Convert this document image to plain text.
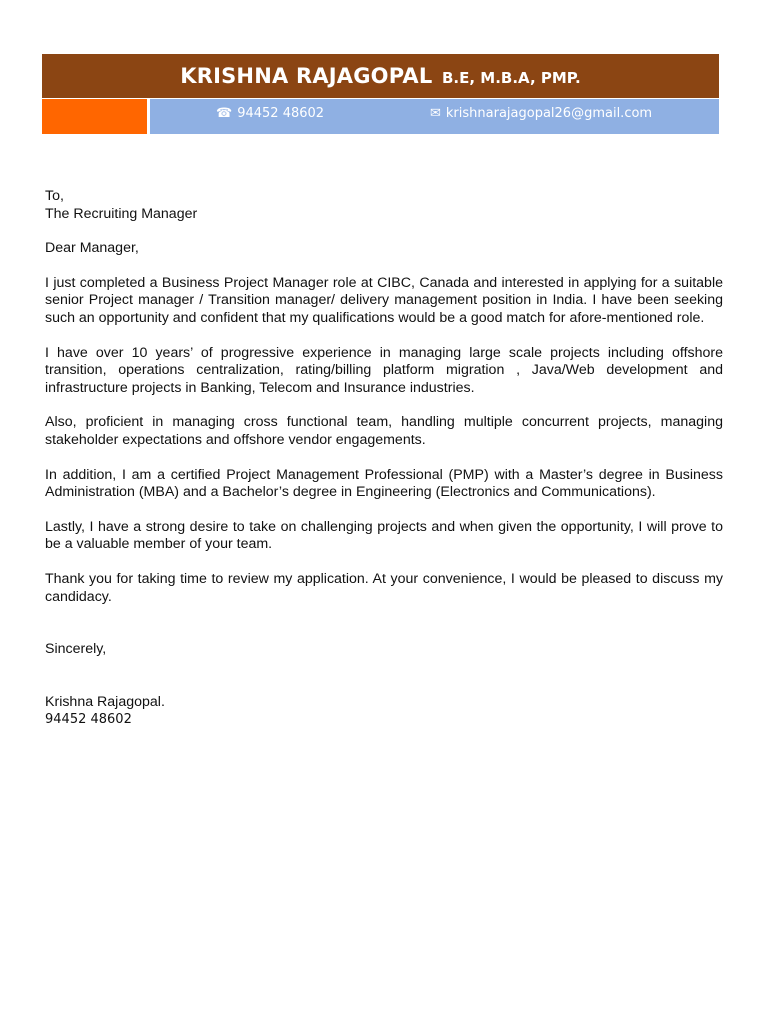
KRISHNA RAJAGOPAL B.E, M.B.A, PMP.
☎ 94452 48602	✉ krishnarajagopal26@gmail.com

To,

The Recruiting Manager

Dear Manager,

I just completed a Business Project Manager role at CIBC, Canada and interested in applying for a suitable senior Project manager / Transition manager/ delivery management position in India. I have been seeking such an opportunity and confident that my qualifications would be a good match for afore-mentioned role.

I have over 10 years’ of progressive experience in managing large scale projects including offshore transition, operations centralization, rating/billing platform migration , Java/Web development and infrastructure projects in Banking, Telecom and Insurance industries.

Also, proficient in managing cross functional team, handling multiple concurrent projects, managing stakeholder expectations and offshore vendor engagements.

In addition, I am a certified Project Management Professional (PMP) with a Master’s degree in Business Administration (MBA) and a Bachelor’s degree in Engineering (Electronics and Communications).

Lastly, I have a strong desire to take on challenging projects and when given the opportunity, I will prove to be a valuable member of your team.

Thank you for taking time to review my application. At your convenience, I would be pleased to discuss my candidacy.

Sincerely,

Krishna Rajagopal.

94452 48602
